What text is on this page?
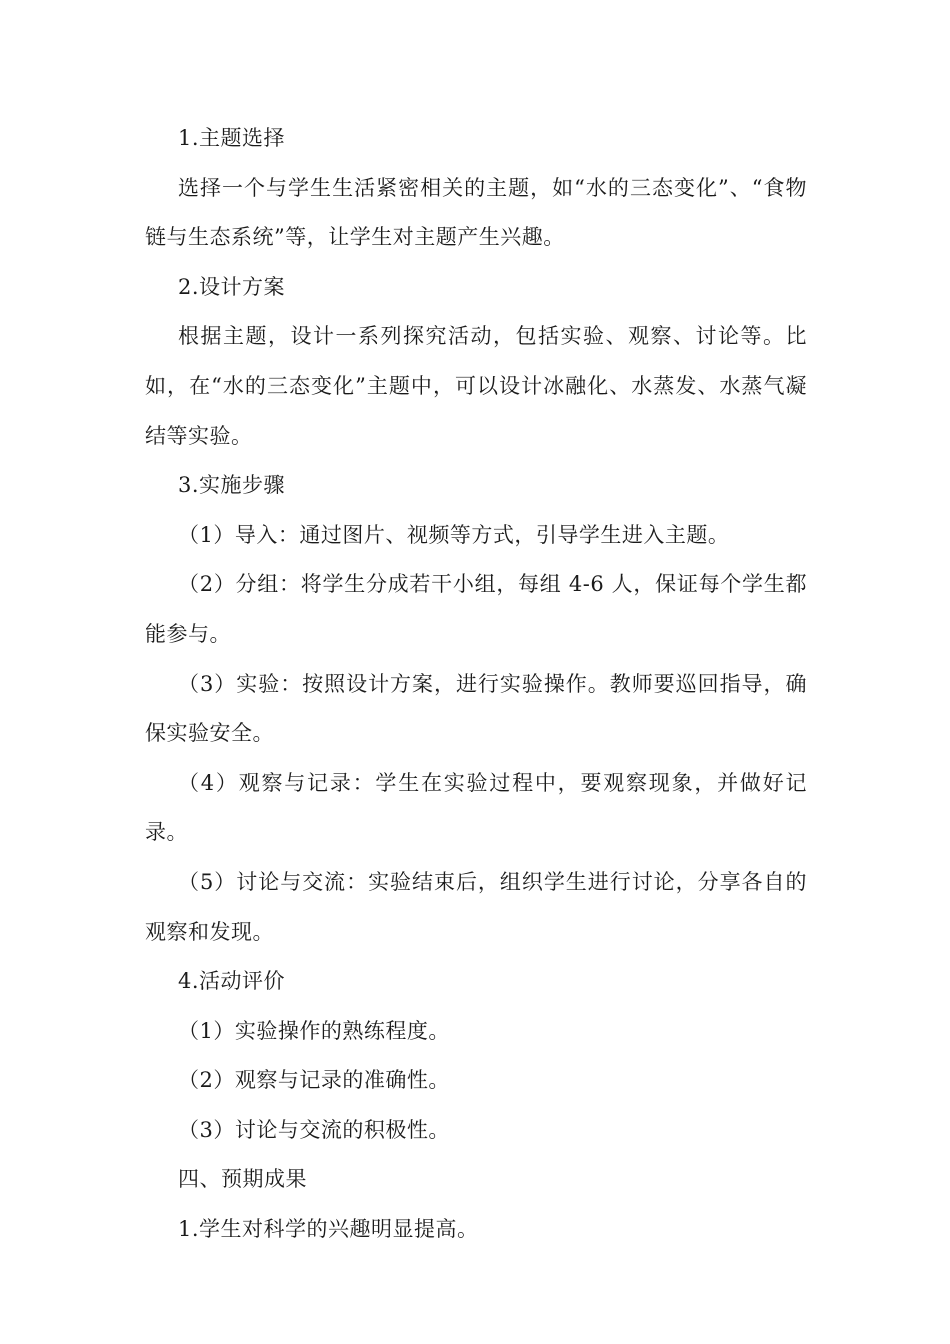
1.主题选择

选择一个与学生生活紧密相关的主题，如“水的三态变化”、“食物链与生态系统”等，让学生对主题产生兴趣。

2.设计方案

根据主题，设计一系列探究活动，包括实验、观察、讨论等。比如，在“水的三态变化”主题中，可以设计冰融化、水蒸发、水蒸气凝结等实验。

3.实施步骤

（1）导入：通过图片、视频等方式，引导学生进入主题。

（2）分组：将学生分成若干小组，每组 4-6 人，保证每个学生都能参与。

（3）实验：按照设计方案，进行实验操作。教师要巡回指导，确保实验安全。

（4）观察与记录：学生在实验过程中，要观察现象，并做好记录。

（5）讨论与交流：实验结束后，组织学生进行讨论，分享各自的观察和发现。

4.活动评价

（1）实验操作的熟练程度。

（2）观察与记录的准确性。

（3）讨论与交流的积极性。

四、预期成果

1.学生对科学的兴趣明显提高。
